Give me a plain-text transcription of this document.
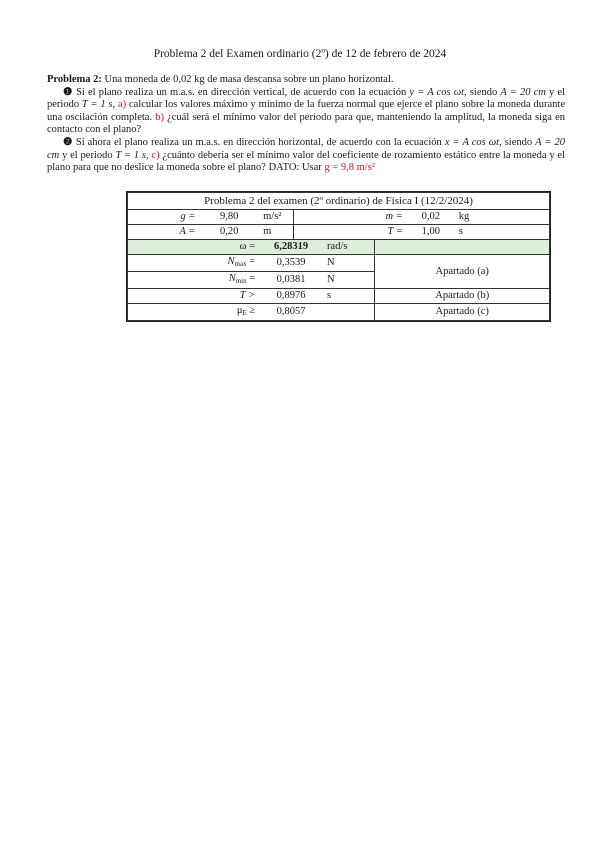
Problema 2 del Examen ordinario (2º) de 12 de febrero de 2024

Problema 2: Una moneda de 0,02 kg de masa descansa sobre un plano horizontal.

❶ Si el plano realiza un m.a.s. en dirección vertical, de acuerdo con la ecuación y = A cos ωt, siendo A = 20 cm y el periodo T = 1 s, a) calcular los valores máximo y mínimo de la fuerza normal que ejerce el plano sobre la moneda durante una oscilación completa. b) ¿cuál será el mínimo valor del periodo para que, manteniendo la amplitud, la moneda siga en contacto con el plano?

❷ Si ahora el plano realiza un m.a.s. en dirección horizontal, de acuerdo con la ecuación x = A cos ωt, siendo A = 20 cm y el periodo T = 1 s, c) ¿cuánto debería ser el mínimo valor del coeficiente de rozamiento estático entre la moneda y el plano para que no deslice la moneda sobre el plano? DATO: Usar g = 9,8 m/s²

Problema 2 del examen (2º ordinario) de Física I (12/2/2024)							
g =	9,80	m/s²		m =		0,02	kg
A =	0,20	m		T =		1,00	s
ω =		6,28319		rad/s			
$N_{max}$ =		0,3539		N	Apartado (a)		
$N_{min}$ =		0,0381		N			
T >		0,8976		s	Apartado (b)		
$\mu_E$ ≥		0,8057			Apartado (c)		
